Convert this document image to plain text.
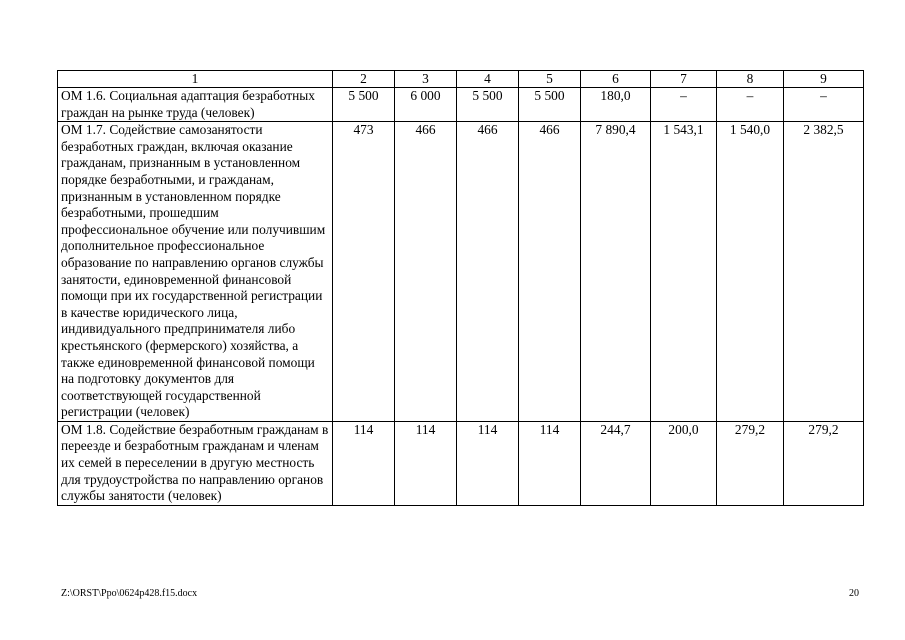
1	2	3	4	5	6	7	8	9
ОМ 1.6. Социальная адаптация безработных граждан на рынке труда (человек)	5 500	6 000	5 500	5 500	180,0	–	–	–
ОМ 1.7. Содействие самозанятости безработных граждан, включая оказание гражданам, признанным в установленном порядке безработными, и гражданам, признанным в установленном порядке безработными, прошедшим профессиональное обучение или получившим дополнительное профессиональное образование по направлению органов службы занятости, единовременной финансовой помощи при их государственной регистрации в качестве юридического лица, индивидуального предпринимателя либо крестьянского (фермерского) хозяйства, а также единовременной финансовой помощи на подготовку документов для соответствующей государственной регистрации (человек)	473	466	466	466	7 890,4	1 543,1	1 540,0	2 382,5
ОМ 1.8. Содействие безработным гражданам в переезде и безработным гражданам и членам их семей в переселении в другую местность для трудоустройства по направлению органов службы занятости (человек)	114	114	114	114	244,7	200,0	279,2	279,2
Z:\ORST\Ppo\0624p428.f15.docx	20
